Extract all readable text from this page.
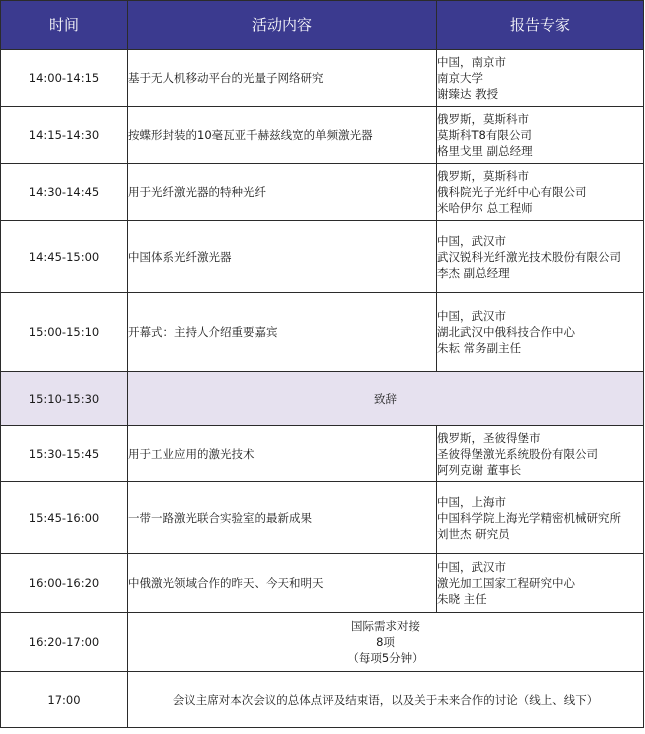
时间	活动内容	报告专家
14:00-14:15	基于无人机移动平台的光量子网络研究	中国，南京市
南京大学
谢臻达 教授

14:15-14:30	按蝶形封装的10毫瓦亚千赫兹线宽的单频激光器	俄罗斯，莫斯科市
莫斯科T8有限公司
格里戈里 副总经理

14:30-14:45	用于光纤激光器的特种光纤	俄罗斯，莫斯科市
俄科院光子光纤中心有限公司
米哈伊尔 总工程师

14:45-15:00	中国体系光纤激光器	中国，武汉市
武汉锐科光纤激光技术股份有限公司
李杰 副总经理

15:00-15:10	开幕式：主持人介绍重要嘉宾	中国，武汉市
湖北武汉中俄科技合作中心
朱耘 常务副主任

15:10-15:30	致辞	
15:30-15:45	用于工业应用的激光技术	俄罗斯，圣彼得堡市
圣彼得堡激光系统股份有限公司
阿列克谢 董事长

15:45-16:00	一带一路激光联合实验室的最新成果	中国，上海市
中国科学院上海光学精密机械研究所
刘世杰 研究员

16:00-16:20	中俄激光领域合作的昨天、今天和明天	中国，武汉市
激光加工国家工程研究中心
朱晓 主任

16:20-17:00	国际需求对接
8项
（每项5分钟）	

17:00	会议主席对本次会议的总体点评及结束语，以及关于未来合作的讨论（线上、线下）	
